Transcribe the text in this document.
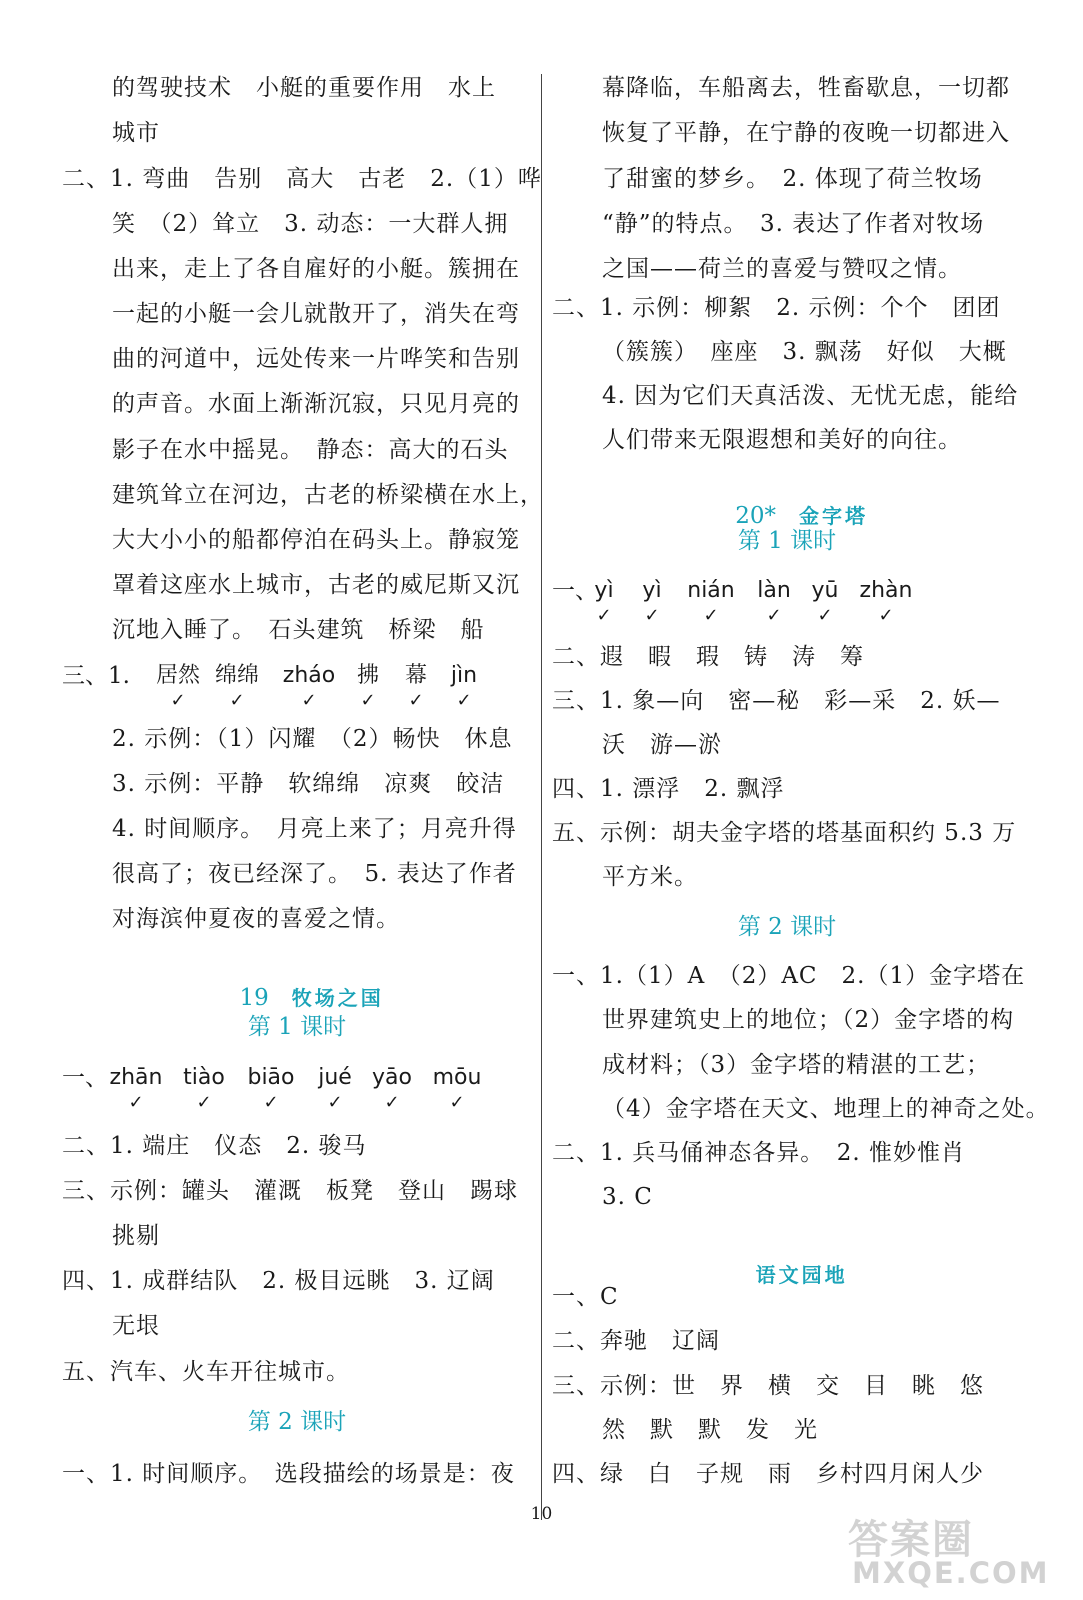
的驾驶技术　小艇的重要作用　水上
城市
二、1. 弯曲　告别　高大　古老　2.（1）哗
笑　（2）耸立　3. 动态：一大群人拥
出来，走上了各自雇好的小艇。簇拥在
一起的小艇一会儿就散开了，消失在弯
曲的河道中，远处传来一片哗笑和告别
的声音。水面上渐渐沉寂，只见月亮的
影子在水中摇晃。　静态：高大的石头
建筑耸立在河边，古老的桥梁横在水上，
大大小小的船都停泊在码头上。静寂笼
罩着这座水上城市，古老的威尼斯又沉
沉地入睡了。　石头建筑　桥梁　船
三、1.	居然 绵绵	zháo 拂	幕	jìn
✓ ✓	✓ ✓ ✓ ✓
2. 示例：（1）闪耀　（2）畅快　休息
3. 示例：平静　软绵绵　凉爽　皎洁
4. 时间顺序。　月亮上来了；月亮升得
很高了；夜已经深了。　5. 表达了作者
对海滨仲夏夜的喜爱之情。

19　 牧场之国

第 1 课时
一、 zhān tiào	biāo	jué yāo mōu
✓	✓	✓	✓ ✓	✓
二、1. 端庄　仪态　2. 骏马
三、示例：罐头　灌溉　板凳　登山　踢球
挑剔
四、1. 成群结队　2. 极目远眺　3. 辽阔
无垠
五、汽车、火车开往城市。
第 2 课时
一、1. 时间顺序。　选段描绘的场景是：夜
幕降临，车船离去，牲畜歇息，一切都
恢复了平静，在宁静的夜晚一切都进入
了甜蜜的梦乡。　2. 体现了荷兰牧场
“静”的特点。　3. 表达了作者对牧场
之国——荷兰的喜爱与赞叹之情。
二、1. 示例：柳絮　2. 示例：个个　团团
（簇簇）　座座　3. 飘荡　好似　大概
4. 因为它们天真活泼、无忧无虑，能给
人们带来无限遐想和美好的向往。

20*　 金字塔

第 1 课时
一、
yì	yì	nián	làn yū zhàn
✓ ✓ ✓	✓ ✓	✓
二、遐　暇　瑕　铸　涛　筹
三、1. 象—向　密—秘　彩—采　2. 妖—
沃　游—淤
四、1. 漂浮　2. 飘浮
五、示例：胡夫金字塔的塔基面积约 5.3 万
平方米。
第 2 课时
一、1.（1）A　（2）AC　2.（1）金字塔在
世界建筑史上的地位；（2）金字塔的构
成材料；（3）金字塔的精湛的工艺；
（4）金字塔在天文、地理上的神奇之处。
二、1. 兵马俑神态各异。　2. 惟妙惟肖
3. C

语文园地

一、C
二、奔驰　辽阔
三、示例：世　界　横　交　目　眺　悠
然　默　默　发　光
四、绿　白　子规　雨　乡村四月闲人少
10
答案圈
MXQE.COM
